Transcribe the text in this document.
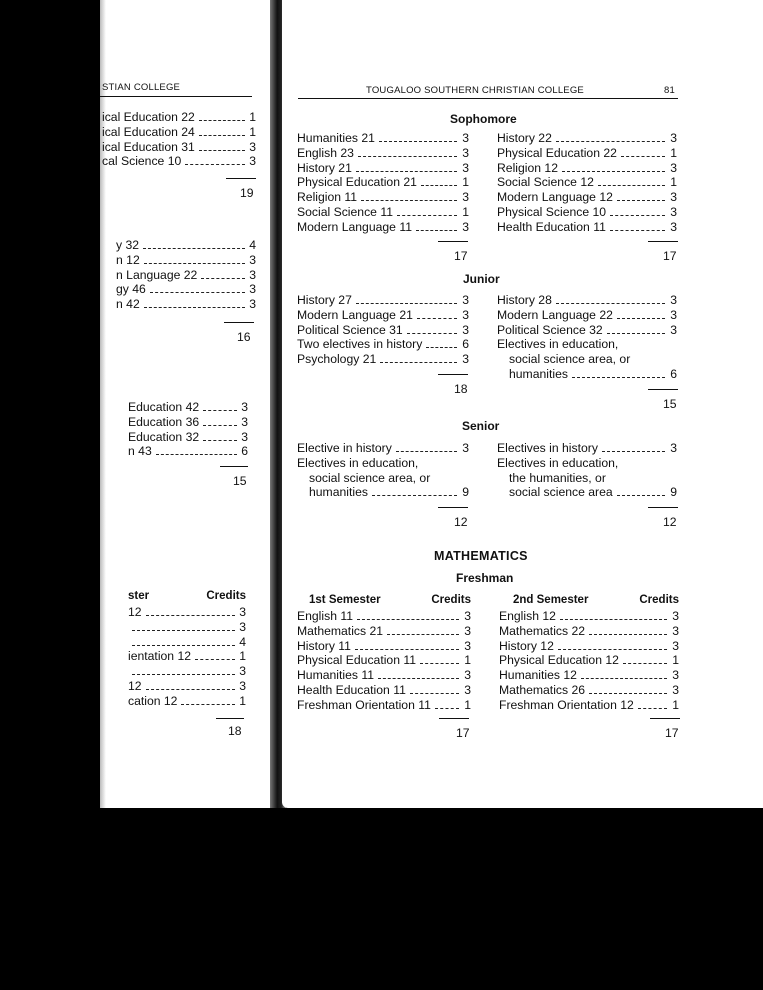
STIAN COLLEGE
ical Education 22	1
ical Education 24	1
ical Education 31	3
cal Science 10	3
19
y 32	4
n 12	3
n Language 22	3
gy 46	3
n 42	3
16
Education 42	3
Education 36	3
Education 32	3
n 43	6
15
ster	Credits
12	3
3
4
ientation 12	1
3
12	3
cation 12	1
18
TOUGALOO SOUTHERN CHRISTIAN COLLEGE	81
Sophomore
Humanities 21	3
English 23	3
History 21	3
Physical Education 21	1
Religion 11	3
Social Science 11	1
Modern Language 11	3
17
History 22	3
Physical Education 22	1
Religion 12	3
Social Science 12	1
Modern Language 12	3
Physical Science 10	3
Health Education 11	3
17
Junior
History 27	3
Modern Language 21	3
Political Science 31	3
Two electives in history	6
Psychology 21	3
18
History 28	3
Modern Language 22	3
Political Science 32	3
Electives in education,
social science area, or
humanities	6
15
Senior
Elective in history	3
Electives in education,
social science area, or
humanities	9
12
Electives in history	3
Electives in education,
the humanities, or
social science area	9
12
MATHEMATICS
Freshman
1st Semester	Credits
English 11	3
Mathematics 21	3
History 11	3
Physical Education 11	1
Humanities 11	3
Health Education 11	3
Freshman Orientation 11	1
17
2nd Semester	Credits
English 12	3
Mathematics 22	3
History 12	3
Physical Education 12	1
Humanities 12	3
Mathematics 26	3
Freshman Orientation 12	1
17
